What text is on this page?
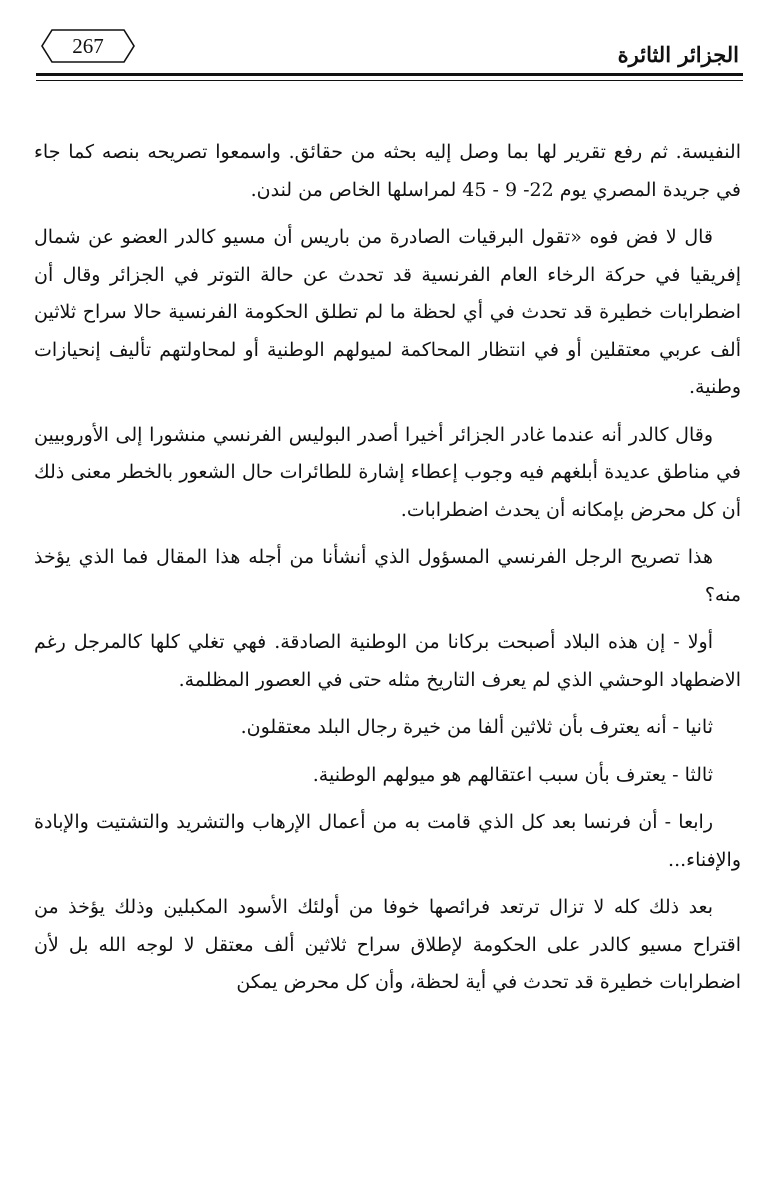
الجزائر الثائرة
267

النفيسة. ثم رفع تقرير لها بما وصل إليه بحثه من حقائق. واسمعوا تصريحه بنصه كما جاء في جريدة المصري يوم 22- 9 - 45 لمراسلها الخاص من لندن.

قال لا فض فوه «تقول البرقيات الصادرة من باريس أن مسيو كالدر العضو عن شمال إفريقيا في حركة الرخاء العام الفرنسية قد تحدث عن حالة التوتر في الجزائر وقال أن اضطرابات خطيرة قد تحدث في أي لحظة ما لم تطلق الحكومة الفرنسية حالا سراح ثلاثين ألف عربي معتقلين أو في انتظار المحاكمة لميولهم الوطنية أو لمحاولتهم تأليف إنحيازات وطنية.

وقال كالدر أنه عندما غادر الجزائر أخيرا أصدر البوليس الفرنسي منشورا إلى الأوروبيين في مناطق عديدة أبلغهم فيه وجوب إعطاء إشارة للطائرات حال الشعور بالخطر معنى ذلك أن كل محرض بإمكانه أن يحدث اضطرابات.

هذا تصريح الرجل الفرنسي المسؤول الذي أنشأنا من أجله هذا المقال فما الذي يؤخذ منه؟

أولا - إن هذه البلاد أصبحت بركانا من الوطنية الصادقة. فهي تغلي كلها كالمرجل رغم الاضطهاد الوحشي الذي لم يعرف التاريخ مثله حتى في العصور المظلمة.

ثانيا - أنه يعترف بأن ثلاثين ألفا من خيرة رجال البلد معتقلون.

ثالثا - يعترف بأن سبب اعتقالهم هو ميولهم الوطنية.

رابعا - أن فرنسا بعد كل الذي قامت به من أعمال الإرهاب والتشريد والتشتيت والإبادة والإفناء...

بعد ذلك كله لا تزال ترتعد فرائصها خوفا من أولئك الأسود المكبلين وذلك يؤخذ من اقتراح مسيو كالدر على الحكومة لإطلاق سراح ثلاثين ألف معتقل لا لوجه الله بل لأن اضطرابات خطيرة قد تحدث في أية لحظة، وأن كل محرض يمكن
